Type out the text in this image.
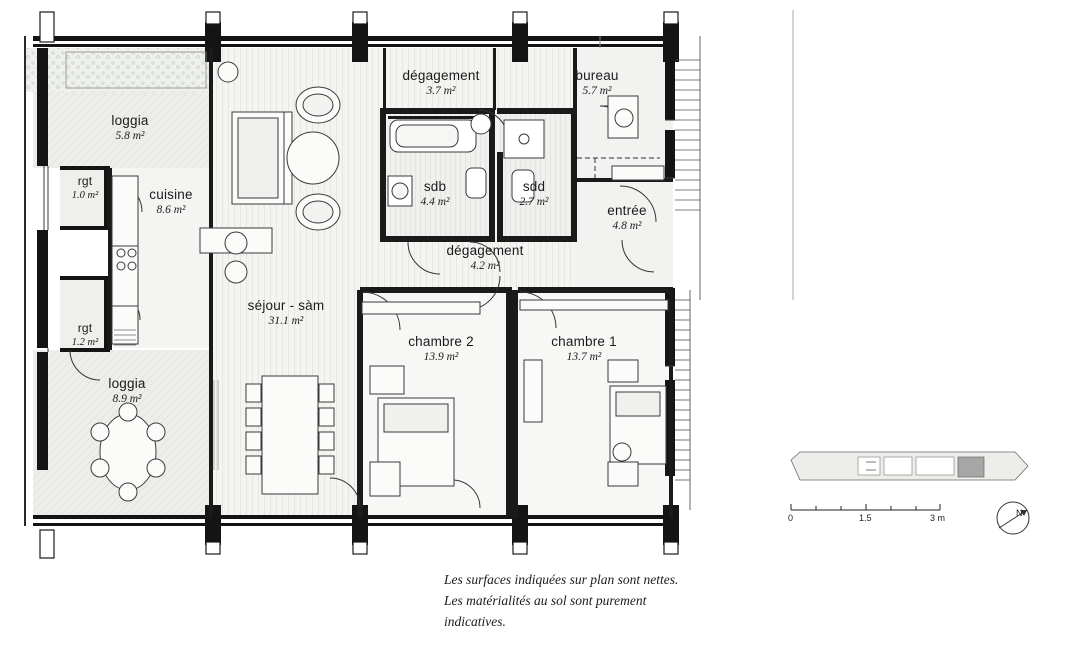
loggia
5.8 m²
rgt
1.0 m²	cuisine
8.6 m²
rgt
1.2 m²
loggia
8.9 m²
séjour - sàm
31.1 m²
dégagement
3.7 m²
sdb
4.4 m²
sdd
2.7 m²
dégagement
4.2 m²
bureau
5.7 m²
entrée
4.8 m²
chambre 2
13.9 m²
chambre 1
13.7 m²
Les surfaces indiquées sur plan sont nettes.
Les matérialités au sol sont purement
indicatives.
0	1.5	3 m	N
